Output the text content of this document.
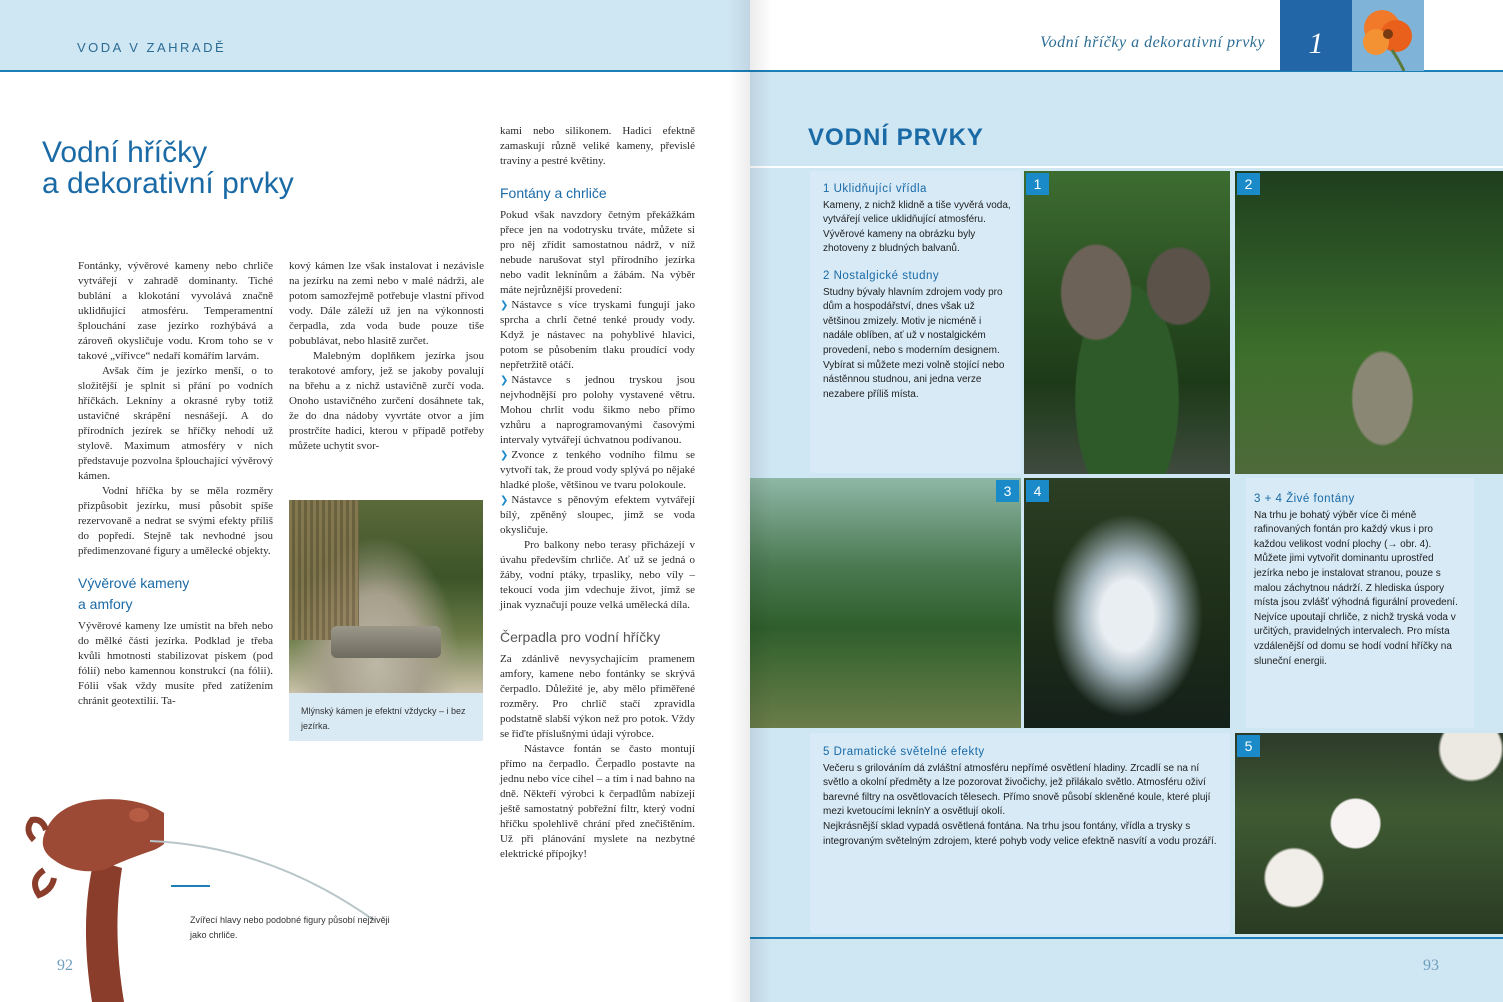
VODA V ZAHRADĚ
Vodní hříčky
a dekorativní prvky

Fontánky, vývěrové kameny nebo chrliče vytvářejí v zahradě dominanty. Tiché bublání a klokotání vyvolává značně uklidňující atmosféru. Temperamentní šplouchání zase jezírko rozhýbává a zároveň okysličuje vodu. Krom toho se v takové „vířivce“ nedaří komářím larvám.

Avšak čím je jezírko menší, o to složitější je splnit si přání po vodních hříčkách. Lekníny a okrasné ryby totiž ustavičné skrápění nesnášejí. A do přírodních jezírek se hříčky nehodí už stylově. Maximum atmosféry v nich představuje pozvolna šplouchající vývěrový kámen.

Vodní hříčka by se měla rozměry přizpůsobit jezírku, musí působit spíše rezervovaně a nedrat se svými efekty příliš do popředí. Stejně tak nevhodné jsou předimenzované figury a umělecké objekty.

Vývěrové kameny
a amfory

Vývěrové kameny lze umístit na břeh nebo do mělké části jezírka. Podklad je třeba kvůli hmotnosti stabilizovat pískem (pod fólií) nebo kamennou konstrukcí (na fólii). Fólii však vždy musíte před zatížením chránit geotextilií. Ta-

kový kámen lze však instalovat i nezávisle na jezírku na zemi nebo v malé nádrži, ale potom samozřejmě potřebuje vlastní přívod vody. Dále záleží už jen na výkonnosti čerpadla, zda voda bude pouze tiše pobublávat, nebo hlasitě zurčet.

Malebným doplňkem jezírka jsou terakotové amfory, jež se jakoby povalují na břehu a z nichž ustavičně zurčí voda. Onoho ustavičného zurčení dosáhnete tak, že do dna nádoby vyvrtáte otvor a jím prostrčíte hadici, kterou v případě potřeby můžete uchytit svor-

Mlýnský kámen je efektní vždycky – i bez jezírka.

kami nebo silikonem. Hadici efektně zamaskují různě veliké kameny, převislé traviny a pestré květiny.

Fontány a chrliče

Pokud však navzdory četným překážkám přece jen na vodotrysku trváte, můžete si pro něj zřídit samostatnou nádrž, v níž nebude narušovat styl přírodního jezírka nebo vadit leknínům a žábám. Na výběr máte nejrůznější provedení:

❯ Nástavce s více tryskami fungují jako sprcha a chrlí četné tenké proudy vody. Když je nástavec na pohyblivé hlavici, potom se působením tlaku proudící vody nepřetržitě otáčí.

❯ Nástavce s jednou tryskou jsou nejvhodnější pro polohy vystavené větru. Mohou chrlit vodu šikmo nebo přímo vzhůru a naprogramovanými časovými intervaly vytvářejí úchvatnou podívanou.

❯ Zvonce z tenkého vodního filmu se vytvoří tak, že proud vody splývá po nějaké hladké ploše, většinou ve tvaru polokoule.

❯ Nástavce s pěnovým efektem vytvářejí bílý, zpěněný sloupec, jimž se voda okysličuje.

Pro balkony nebo terasy přicházejí v úvahu především chrliče. Ať už se jedná o žáby, vodní ptáky, trpasliky, nebo víly – tekoucí voda jim vdechuje život, jímž se jinak vyznačují pouze velká umělecká díla.

Čerpadla pro vodní hříčky

Za zdánlivě nevysychajícím pramenem amfory, kamene nebo fontánky se skrývá čerpadlo. Důležité je, aby mělo přiměřené rozměry. Pro chrlič stačí zpravidla podstatně slabší výkon než pro potok. Vždy se řiďte příslušnými údaji výrobce.

Nástavce fontán se často montují přímo na čerpadlo. Čerpadlo postavte na jednu nebo více cihel – a tím i nad bahno na dně. Někteří výrobci k čerpadlům nabízejí ještě samostatný pobřežní filtr, který vodní hříčku spolehlivě chrání před znečištěním. Už při plánování myslete na nezbytné elektrické přípojky!

Zvířecí hlavy nebo podobné figury působí nejživěji jako chrliče.
92
Vodní hříčky a dekorativní prvky	1
VODNÍ PRVKY
1 Uklidňující vřídla

Kameny, z nichž klidně a tiše vyvěrá voda, vytvářejí velice uklidňující atmosféru. Vývěrové kameny na obrázku byly zhotoveny z bludných balvanů.

2 Nostalgické studny

Studny bývaly hlavním zdrojem vody pro dům a hospodářství, dnes však už většinou zmizely. Motiv je nicméně i nadále oblíben, ať už v nostalgickém provedení, nebo s moderním designem. Vybírat si můžete mezi volně stojící nebo nástěnnou studnou, ani jedna verze nezabere příliš místa.

1	2
3	4	3 + 4 Živé fontány

Na trhu je bohatý výběr více či méně rafinovaných fontán pro každý vkus i pro každou velikost vodní plochy (→ obr. 4). Můžete jimi vytvořit dominantu uprostřed jezírka nebo je instalovat stranou, pouze s malou záchytnou nádrží. Z hlediska úspory místa jsou zvlášť výhodná figurální provedení. Nejvíce upoutají chrliče, z nichž tryská voda v určitých, pravidelných intervalech. Pro místa vzdálenější od domu se hodí vodní hříčky na sluneční energii.

5 Dramatické světelné efekty

Večeru s grilováním dá zvláštní atmosféru nepřímé osvětlení hladiny. Zrcadlí se na ní světlo a okolní předměty a lze pozorovat živočichy, jež přilákalo světlo. Atmosféru oživí barevné filtry na osvětlovacích tělesech. Přímo snově působí skleněné koule, které plují mezi kvetoucími leknínY a osvětlují okolí.

Nejkrásnější sklad vypadá osvětlená fontána. Na trhu jsou fontány, vřídla a trysky s integrovaným světelným zdrojem, které pohyb vody velice efektně nasvítí a vodu prozáří.

5
93
